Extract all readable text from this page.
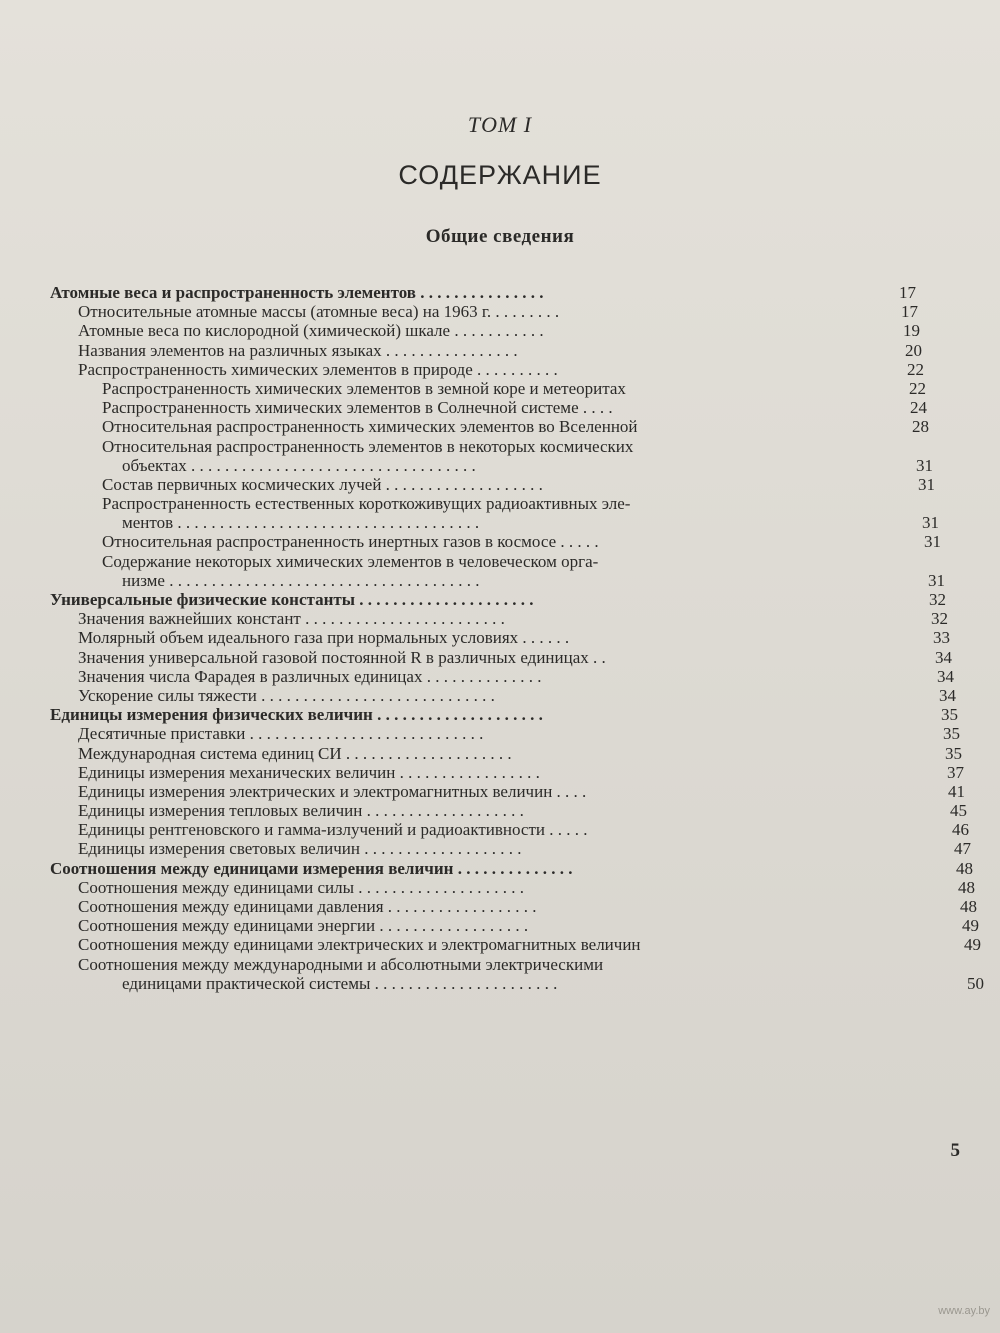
ТОМ I
СОДЕРЖАНИЕ
Общие сведения
Атомные веса и распространенность элементов . . . . . . . . . . . . . . .	17
Относительные атомные массы (атомные веса) на 1963 г. . . . . . . . .	17
Атомные веса по кислородной (химической) шкале . . . . . . . . . . .	19
Названия элементов на различных языках . . . . . . . . . . . . . . . .	20
Распространенность химических элементов в природе . . . . . . . . . .	22
Распространенность химических элементов в земной коре и метеоритах	22
Распространенность химических элементов в Солнечной системе . . . .	24
Относительная распространенность химических элементов во Вселенной	28
Относительная распространенность элементов в некоторых космических
объектах . . . . . . . . . . . . . . . . . . . . . . . . . . . . . . . . . .	31
Состав первичных космических лучей . . . . . . . . . . . . . . . . . . .	31
Распространенность естественных короткоживущих радиоактивных эле-
ментов . . . . . . . . . . . . . . . . . . . . . . . . . . . . . . . . . . . .	31
Относительная распространенность инертных газов в космосе . . . . .	31
Содержание некоторых химических элементов в человеческом орга-
низме . . . . . . . . . . . . . . . . . . . . . . . . . . . . . . . . . . . . .	31
Универсальные физические константы . . . . . . . . . . . . . . . . . . . . .	32
Значения важнейших констант . . . . . . . . . . . . . . . . . . . . . . . .	32
Молярный объем идеального газа при нормальных условиях . . . . . .	33
Значения универсальной газовой постоянной R в различных единицах . .	34
Значения числа Фарадея в различных единицах . . . . . . . . . . . . . .	34
Ускорение силы тяжести . . . . . . . . . . . . . . . . . . . . . . . . . . . .	34
Единицы измерения физических величин . . . . . . . . . . . . . . . . . . . .	35
Десятичные приставки . . . . . . . . . . . . . . . . . . . . . . . . . . . .	35
Международная система единиц СИ . . . . . . . . . . . . . . . . . . . .	35
Единицы измерения механических величин . . . . . . . . . . . . . . . . .	37
Единицы измерения электрических и электромагнитных величин . . . .	41
Единицы измерения тепловых величин . . . . . . . . . . . . . . . . . . .	45
Единицы рентгеновского и гамма-излучений и радиоактивности . . . . .	46
Единицы измерения световых величин . . . . . . . . . . . . . . . . . . .	47
Соотношения между единицами измерения величин . . . . . . . . . . . . . .	48
Соотношения между единицами силы . . . . . . . . . . . . . . . . . . . .	48
Соотношения между единицами давления . . . . . . . . . . . . . . . . . .	48
Соотношения между единицами энергии . . . . . . . . . . . . . . . . . .	49
Соотношения между единицами электрических и электромагнитных величин	49
Соотношения между международными и абсолютными электрическими
единицами практической системы . . . . . . . . . . . . . . . . . . . . . .	50
5
www.ay.by
